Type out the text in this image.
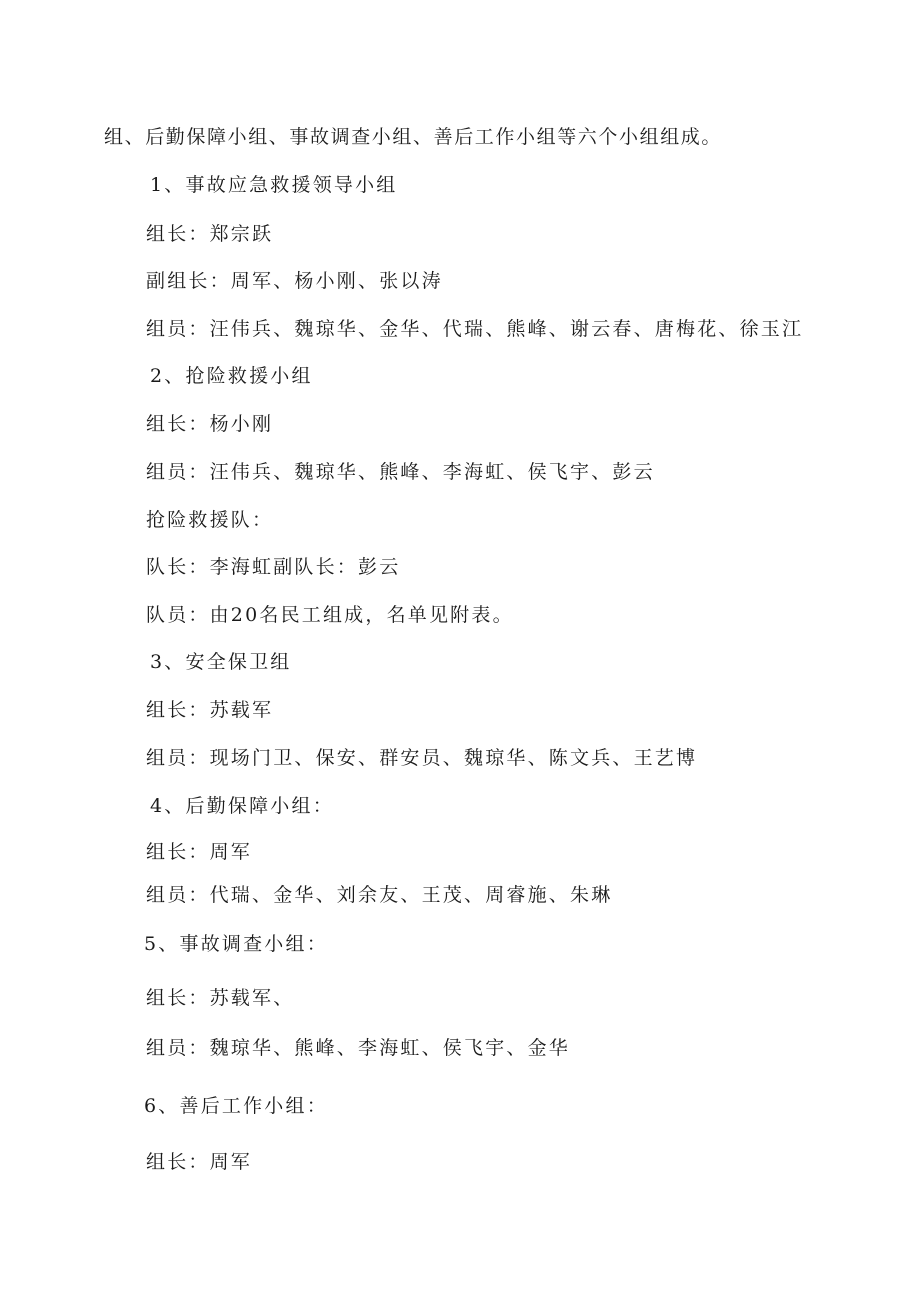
组、后勤保障小组、事故调查小组、善后工作小组等六个小组组成。
1、事故应急救援领导小组
组长：郑宗跃
副组长：周军、杨小刚、张以涛
组员：汪伟兵、魏琼华、金华、代瑞、熊峰、谢云春、唐梅花、徐玉江
2、抢险救援小组
组长：杨小刚
组员：汪伟兵、魏琼华、熊峰、李海虹、侯飞宇、彭云
抢险救援队：
队长：李海虹副队长：彭云
队员：由20名民工组成，名单见附表。
3、安全保卫组
组长：苏载军
组员：现场门卫、保安、群安员、魏琼华、陈文兵、王艺博
4、后勤保障小组：
组长：周军
组员：代瑞、金华、刘余友、王茂、周睿施、朱琳
5、事故调查小组：
组长：苏载军、
组员：魏琼华、熊峰、李海虹、侯飞宇、金华
6、善后工作小组：
组长：周军
